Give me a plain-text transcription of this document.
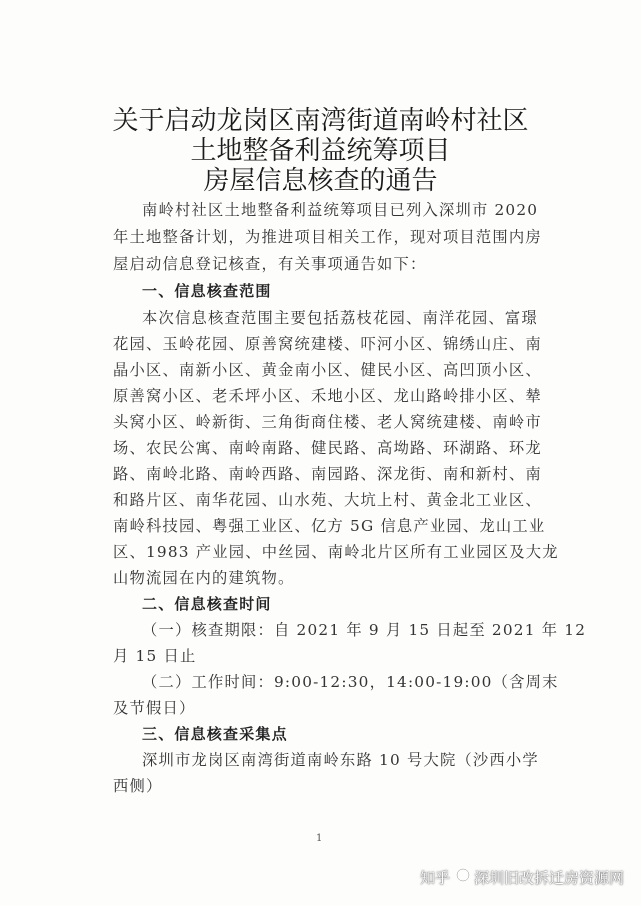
关于启动龙岗区南湾街道南岭村社区
土地整备利益统筹项目
房屋信息核查的通告
南岭村社区土地整备利益统筹项目已列入深圳市 2020
年土地整备计划，为推进项目相关工作，现对项目范围内房
屋启动信息登记核查，有关事项通告如下：
一、信息核查范围
本次信息核查范围主要包括荔枝花园、南洋花园、富璟
花园、玉岭花园、原善窝统建楼、吓河小区、锦绣山庄、南
晶小区、南新小区、黄金南小区、健民小区、高凹顶小区、
原善窝小区、老禾坪小区、禾地小区、龙山路岭排小区、辇
头窝小区、岭新街、三角街商住楼、老人窝统建楼、南岭市
场、农民公寓、南岭南路、健民路、高坳路、环湖路、环龙
路、南岭北路、南岭西路、南园路、深龙街、南和新村、南
和路片区、南华花园、山水苑、大坑上村、黄金北工业区、
南岭科技园、粤强工业区、亿方 5G 信息产业园、龙山工业
区、1983 产业园、中丝园、南岭北片区所有工业园区及大龙
山物流园在内的建筑物。
二、信息核查时间
（一）核查期限：自 2021 年 9 月 15 日起至 2021 年 12
月 15 日止
（二）工作时间：9:00-12:30，14:00-19:00（含周末
及节假日）
三、信息核查采集点
深圳市龙岗区南湾街道南岭东路 10 号大院（沙西小学
西侧）
1
知乎 深圳旧改拆迁房资源网
